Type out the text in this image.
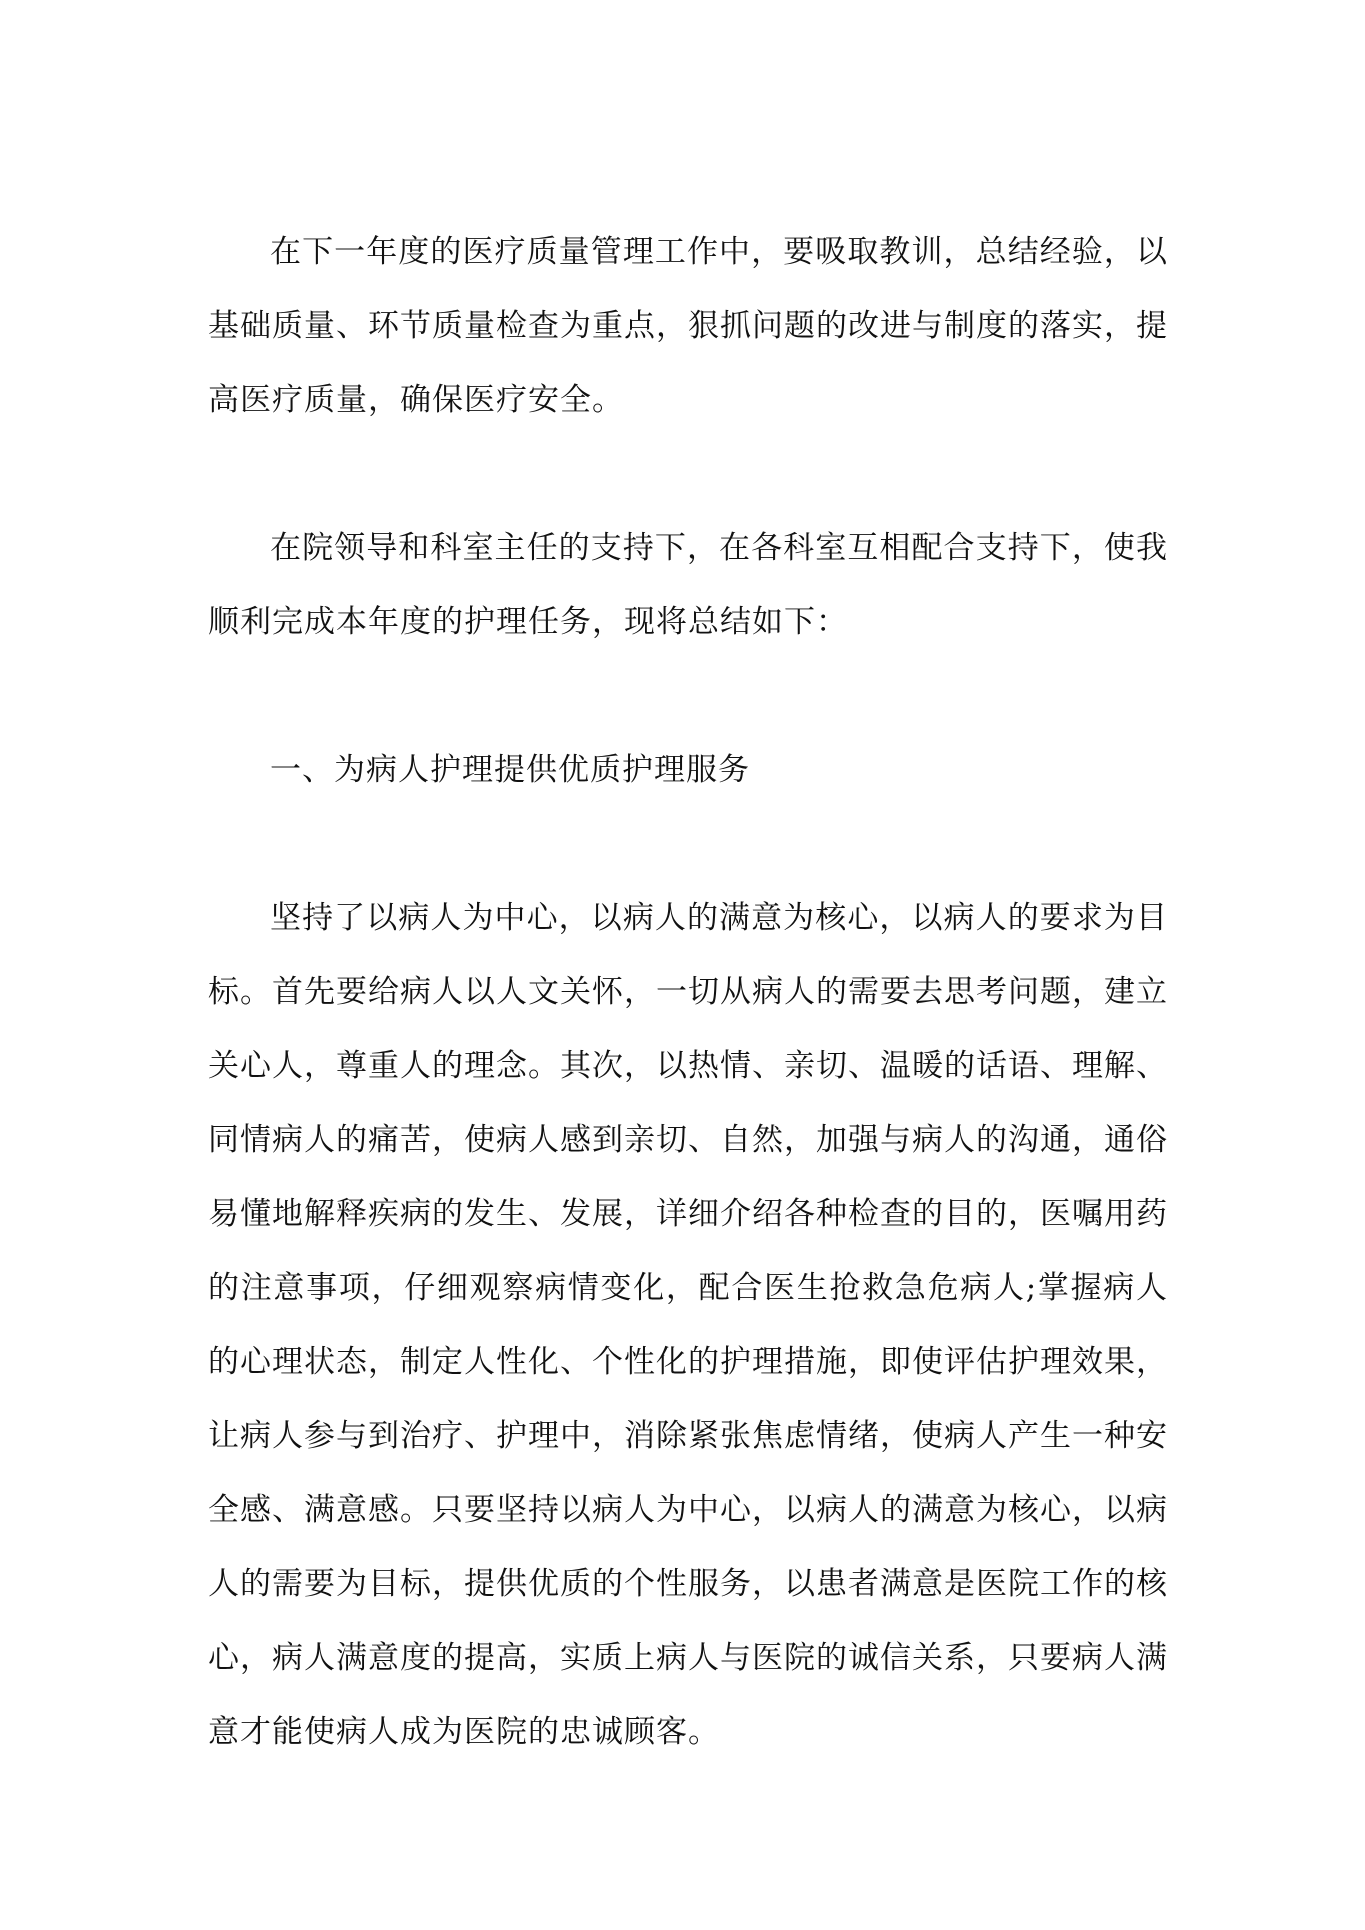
在下一年度的医疗质量管理工作中，要吸取教训，总结经验，以基础质量、环节质量检查为重点，狠抓问题的改进与制度的落实，提高医疗质量，确保医疗安全。

在院领导和科室主任的支持下，在各科室互相配合支持下，使我顺利完成本年度的护理任务，现将总结如下：

一、为病人护理提供优质护理服务

坚持了以病人为中心，以病人的满意为核心，以病人的要求为目标。首先要给病人以人文关怀，一切从病人的需要去思考问题，建立关心人，尊重人的理念。其次，以热情、亲切、温暖的话语、理解、同情病人的痛苦，使病人感到亲切、自然，加强与病人的沟通，通俗易懂地解释疾病的发生、发展，详细介绍各种检查的目的，医嘱用药的注意事项，仔细观察病情变化，配合医生抢救急危病人;掌握病人的心理状态，制定人性化、个性化的护理措施，即使评估护理效果，让病人参与到治疗、护理中，消除紧张焦虑情绪，使病人产生一种安全感、满意感。只要坚持以病人为中心，以病人的满意为核心，以病人的需要为目标，提供优质的个性服务，以患者满意是医院工作的核心，病人满意度的提高，实质上病人与医院的诚信关系，只要病人满意才能使病人成为医院的忠诚顾客。
